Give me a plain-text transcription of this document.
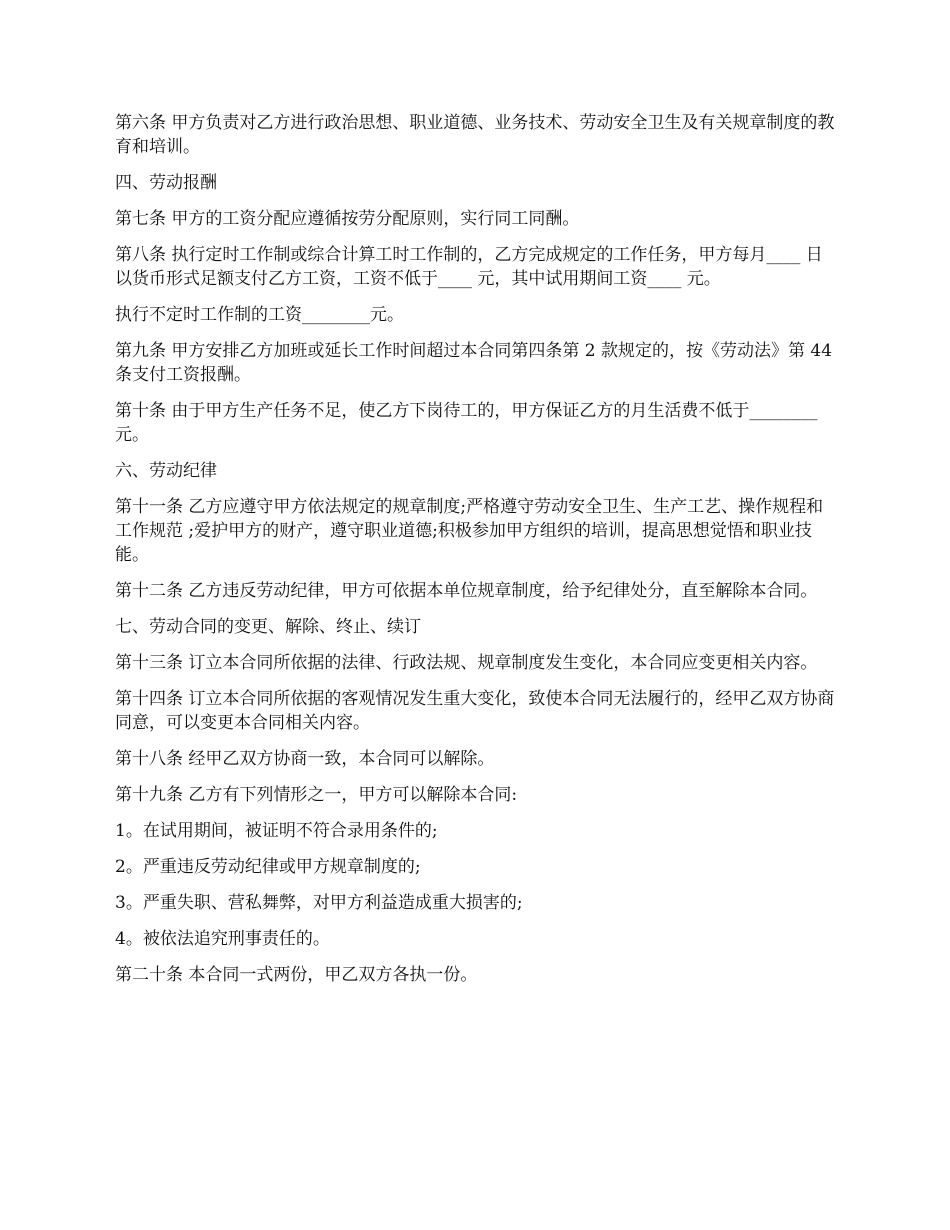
第六条 甲方负责对乙方进行政治思想、职业道德、业务技术、劳动安全卫生及有关规章制度的教育和培训。

四、劳动报酬

第七条 甲方的工资分配应遵循按劳分配原则，实行同工同酬。

第八条 执行定时工作制或综合计算工时工作制的，乙方完成规定的工作任务，甲方每月____ 日以货币形式足额支付乙方工资，工资不低于____ 元，其中试用期间工资____ 元。

执行不定时工作制的工资________元。

第九条 甲方安排乙方加班或延长工作时间超过本合同第四条第 2 款规定的，按《劳动法》第 44 条支付工资报酬。

第十条 由于甲方生产任务不足，使乙方下岗待工的，甲方保证乙方的月生活费不低于________元。

六、劳动纪律

第十一条 乙方应遵守甲方依法规定的规章制度;严格遵守劳动安全卫生、生产工艺、操作规程和工作规范 ;爱护甲方的财产，遵守职业道德;积极参加甲方组织的培训，提高思想觉悟和职业技能。

第十二条 乙方违反劳动纪律，甲方可依据本单位规章制度，给予纪律处分，直至解除本合同。

七、劳动合同的变更、解除、终止、续订

第十三条 订立本合同所依据的法律、行政法规、规章制度发生变化，本合同应变更相关内容。

第十四条 订立本合同所依据的客观情况发生重大变化，致使本合同无法履行的，经甲乙双方协商同意，可以变更本合同相关内容。

第十八条 经甲乙双方协商一致，本合同可以解除。

第十九条 乙方有下列情形之一，甲方可以解除本合同:

1。在试用期间，被证明不符合录用条件的;

2。严重违反劳动纪律或甲方规章制度的;

3。严重失职、营私舞弊，对甲方利益造成重大损害的;

4。被依法追究刑事责任的。

第二十条 本合同一式两份，甲乙双方各执一份。
